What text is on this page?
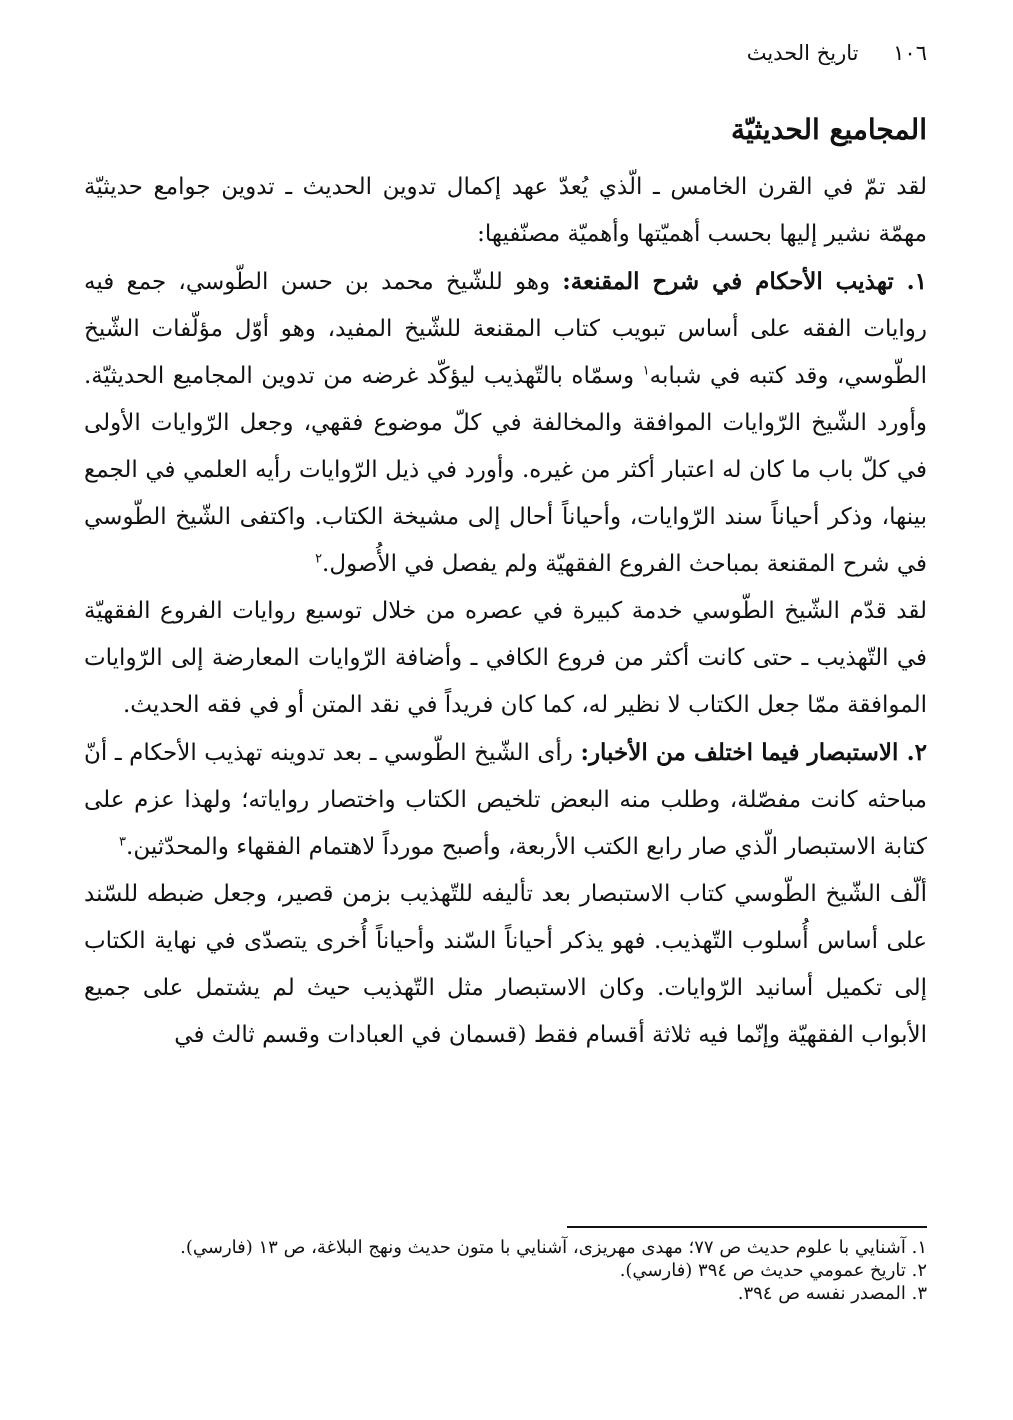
١٠٦ تاريخ الحديث
المجاميع الحديثيّة

لقد تمّ في القرن الخامس ـ الّذي يُعدّ عهد إكمال تدوين الحديث ـ تدوين جوامع حديثيّة مهمّة نشير إليها بحسب أهميّتها وأهميّة مصنّفيها:

١. تهذيب الأحكام في شرح المقنعة: وهو للشّيخ محمد بن حسن الطّوسي، جمع فيه روايات الفقه على أساس تبويب كتاب المقنعة للشّيخ المفيد، وهو أوّل مؤلّفات الشّيخ الطّوسي، وقد كتبه في شبابه$^١$ وسمّاه بالتّهذيب ليؤكّد غرضه من تدوين المجاميع الحديثيّة. وأورد الشّيخ الرّوايات الموافقة والمخالفة في كلّ موضوع فقهي، وجعل الرّوايات الأولى في كلّ باب ما كان له اعتبار أكثر من غيره. وأورد في ذيل الرّوايات رأيه العلمي في الجمع بينها، وذكر أحياناً سند الرّوايات، وأحياناً أحال إلى مشيخة الكتاب. واكتفى الشّيخ الطّوسي في شرح المقنعة بمباحث الفروع الفقهيّة ولم يفصل في الأُصول.$^٢$

لقد قدّم الشّيخ الطّوسي خدمة كبيرة في عصره من خلال توسيع روايات الفروع الفقهيّة في التّهذيب ـ حتى كانت أكثر من فروع الكافي ـ وأضافة الرّوايات المعارضة إلى الرّوايات الموافقة ممّا جعل الكتاب لا نظير له، كما كان فريداً في نقد المتن أو في فقه الحديث.

٢. الاستبصار فيما اختلف من الأخبار: رأى الشّيخ الطّوسي ـ بعد تدوينه تهذيب الأحكام ـ أنّ مباحثه كانت مفصّلة، وطلب منه البعض تلخيص الكتاب واختصار رواياته؛ ولهذا عزم على كتابة الاستبصار الّذي صار رابع الكتب الأربعة، وأصبح مورداً لاهتمام الفقهاء والمحدّثين.$^٣$

ألّف الشّيخ الطّوسي كتاب الاستبصار بعد تأليفه للتّهذيب بزمن قصير، وجعل ضبطه للسّند على أساس أُسلوب التّهذيب. فهو يذكر أحياناً السّند وأحياناً أُخرى يتصدّى في نهاية الكتاب إلى تكميل أسانيد الرّوايات. وكان الاستبصار مثل التّهذيب حيث لم يشتمل على جميع الأبواب الفقهيّة وإنّما فيه ثلاثة أقسام فقط (قسمان في العبادات وقسم ثالث في

١. آشنايي با علوم حديث ص ٧٧؛ مهدى مهريزى، آشنايي با متون حديث ونهج البلاغة، ص ١٣ (فارسي).

٢. تاريخ عمومي حديث ص ٣٩٤ (فارسي).

٣. المصدر نفسه ص ٣٩٤.
